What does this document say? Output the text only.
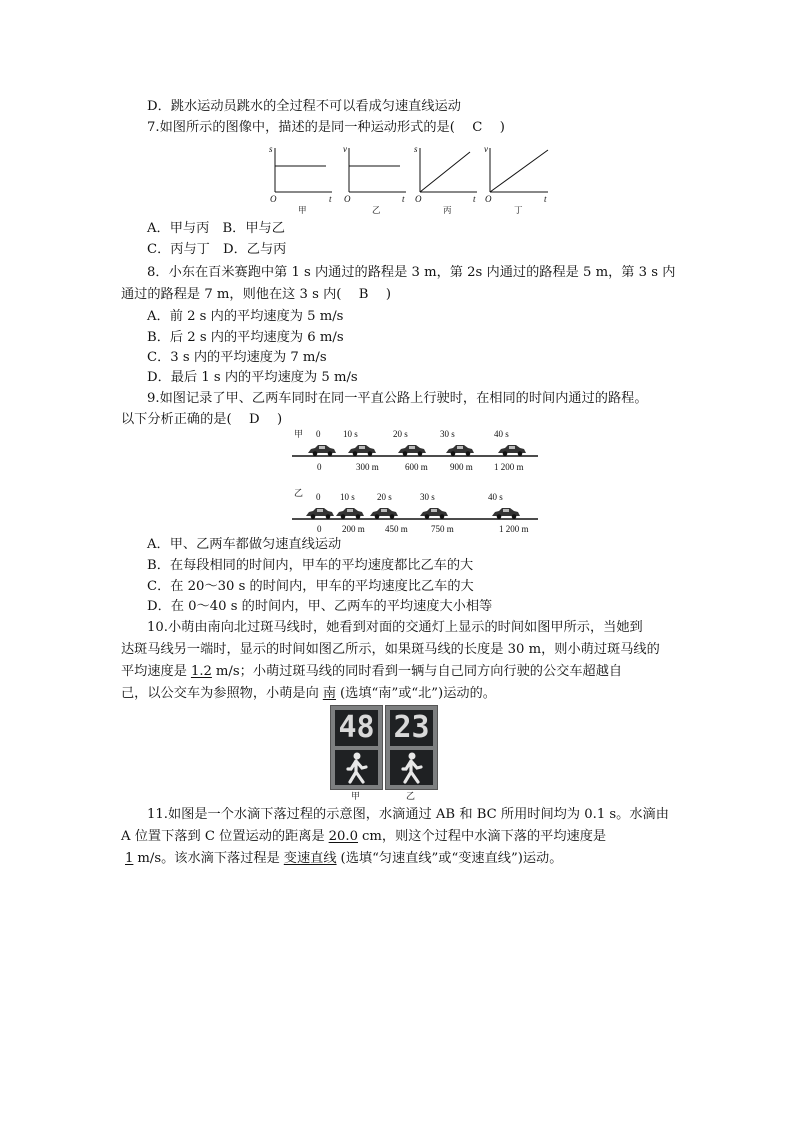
D．跳水运动员跳水的全过程不可以看成匀速直线运动
7.如图所示的图像中，描述的是同一种运动形式的是(　 C　 )
s	v	s	v
O	O	O	O
t	t	t	t
甲	乙	丙	丁
A．甲与丙　B．甲与乙
C．丙与丁　D．乙与丙
8．小东在百米赛跑中第 1 s 内通过的路程是 3 m，第 2s 内通过的路程是 5 m，第 3 s 内
通过的路程是 7 m，则他在这 3 s 内(　 B　 )
A．前 2 s 内的平均速度为 5 m/s
B．后 2 s 内的平均速度为 6 m/s
C．3 s 内的平均速度为 7 m/s
D．最后 1 s 内的平均速度为 5 m/s
9.如图记录了甲、乙两车同时在同一平直公路上行驶时，在相同的时间内通过的路程。
以下分析正确的是(　 D　 )
甲 0	10 s	20 s	30 s	40 s
0	300 m	600 m 900 m 1 200 m
乙 0 10 s 20 s	30 s	40 s
0 200 m 450 m	750 m	1 200 m
A．甲、乙两车都做匀速直线运动
B．在每段相同的时间内，甲车的平均速度都比乙车的大
C．在 20～30 s 的时间内，甲车的平均速度比乙车的大
D．在 0～40 s 的时间内，甲、乙两车的平均速度大小相等
10.小萌由南向北过斑马线时，她看到对面的交通灯上显示的时间如图甲所示，当她到
达斑马线另一端时，显示的时间如图乙所示，如果斑马线的长度是 30 m，则小萌过斑马线的
平均速度是 1.2 m/s；小萌过斑马线的同时看到一辆与自己同方向行驶的公交车超越自
己，以公交车为参照物，小萌是向 南 (选填“南”或“北”)运动的。
48 23
甲	乙
11.如图是一个水滴下落过程的示意图，水滴通过 AB 和 BC 所用时间均为 0.1 s。水滴由
A 位置下落到 C 位置运动的距离是 20.0 cm，则这个过程中水滴下落的平均速度是
1 m/s。该水滴下落过程是 变速直线 (选填“匀速直线”或“变速直线”)运动。
